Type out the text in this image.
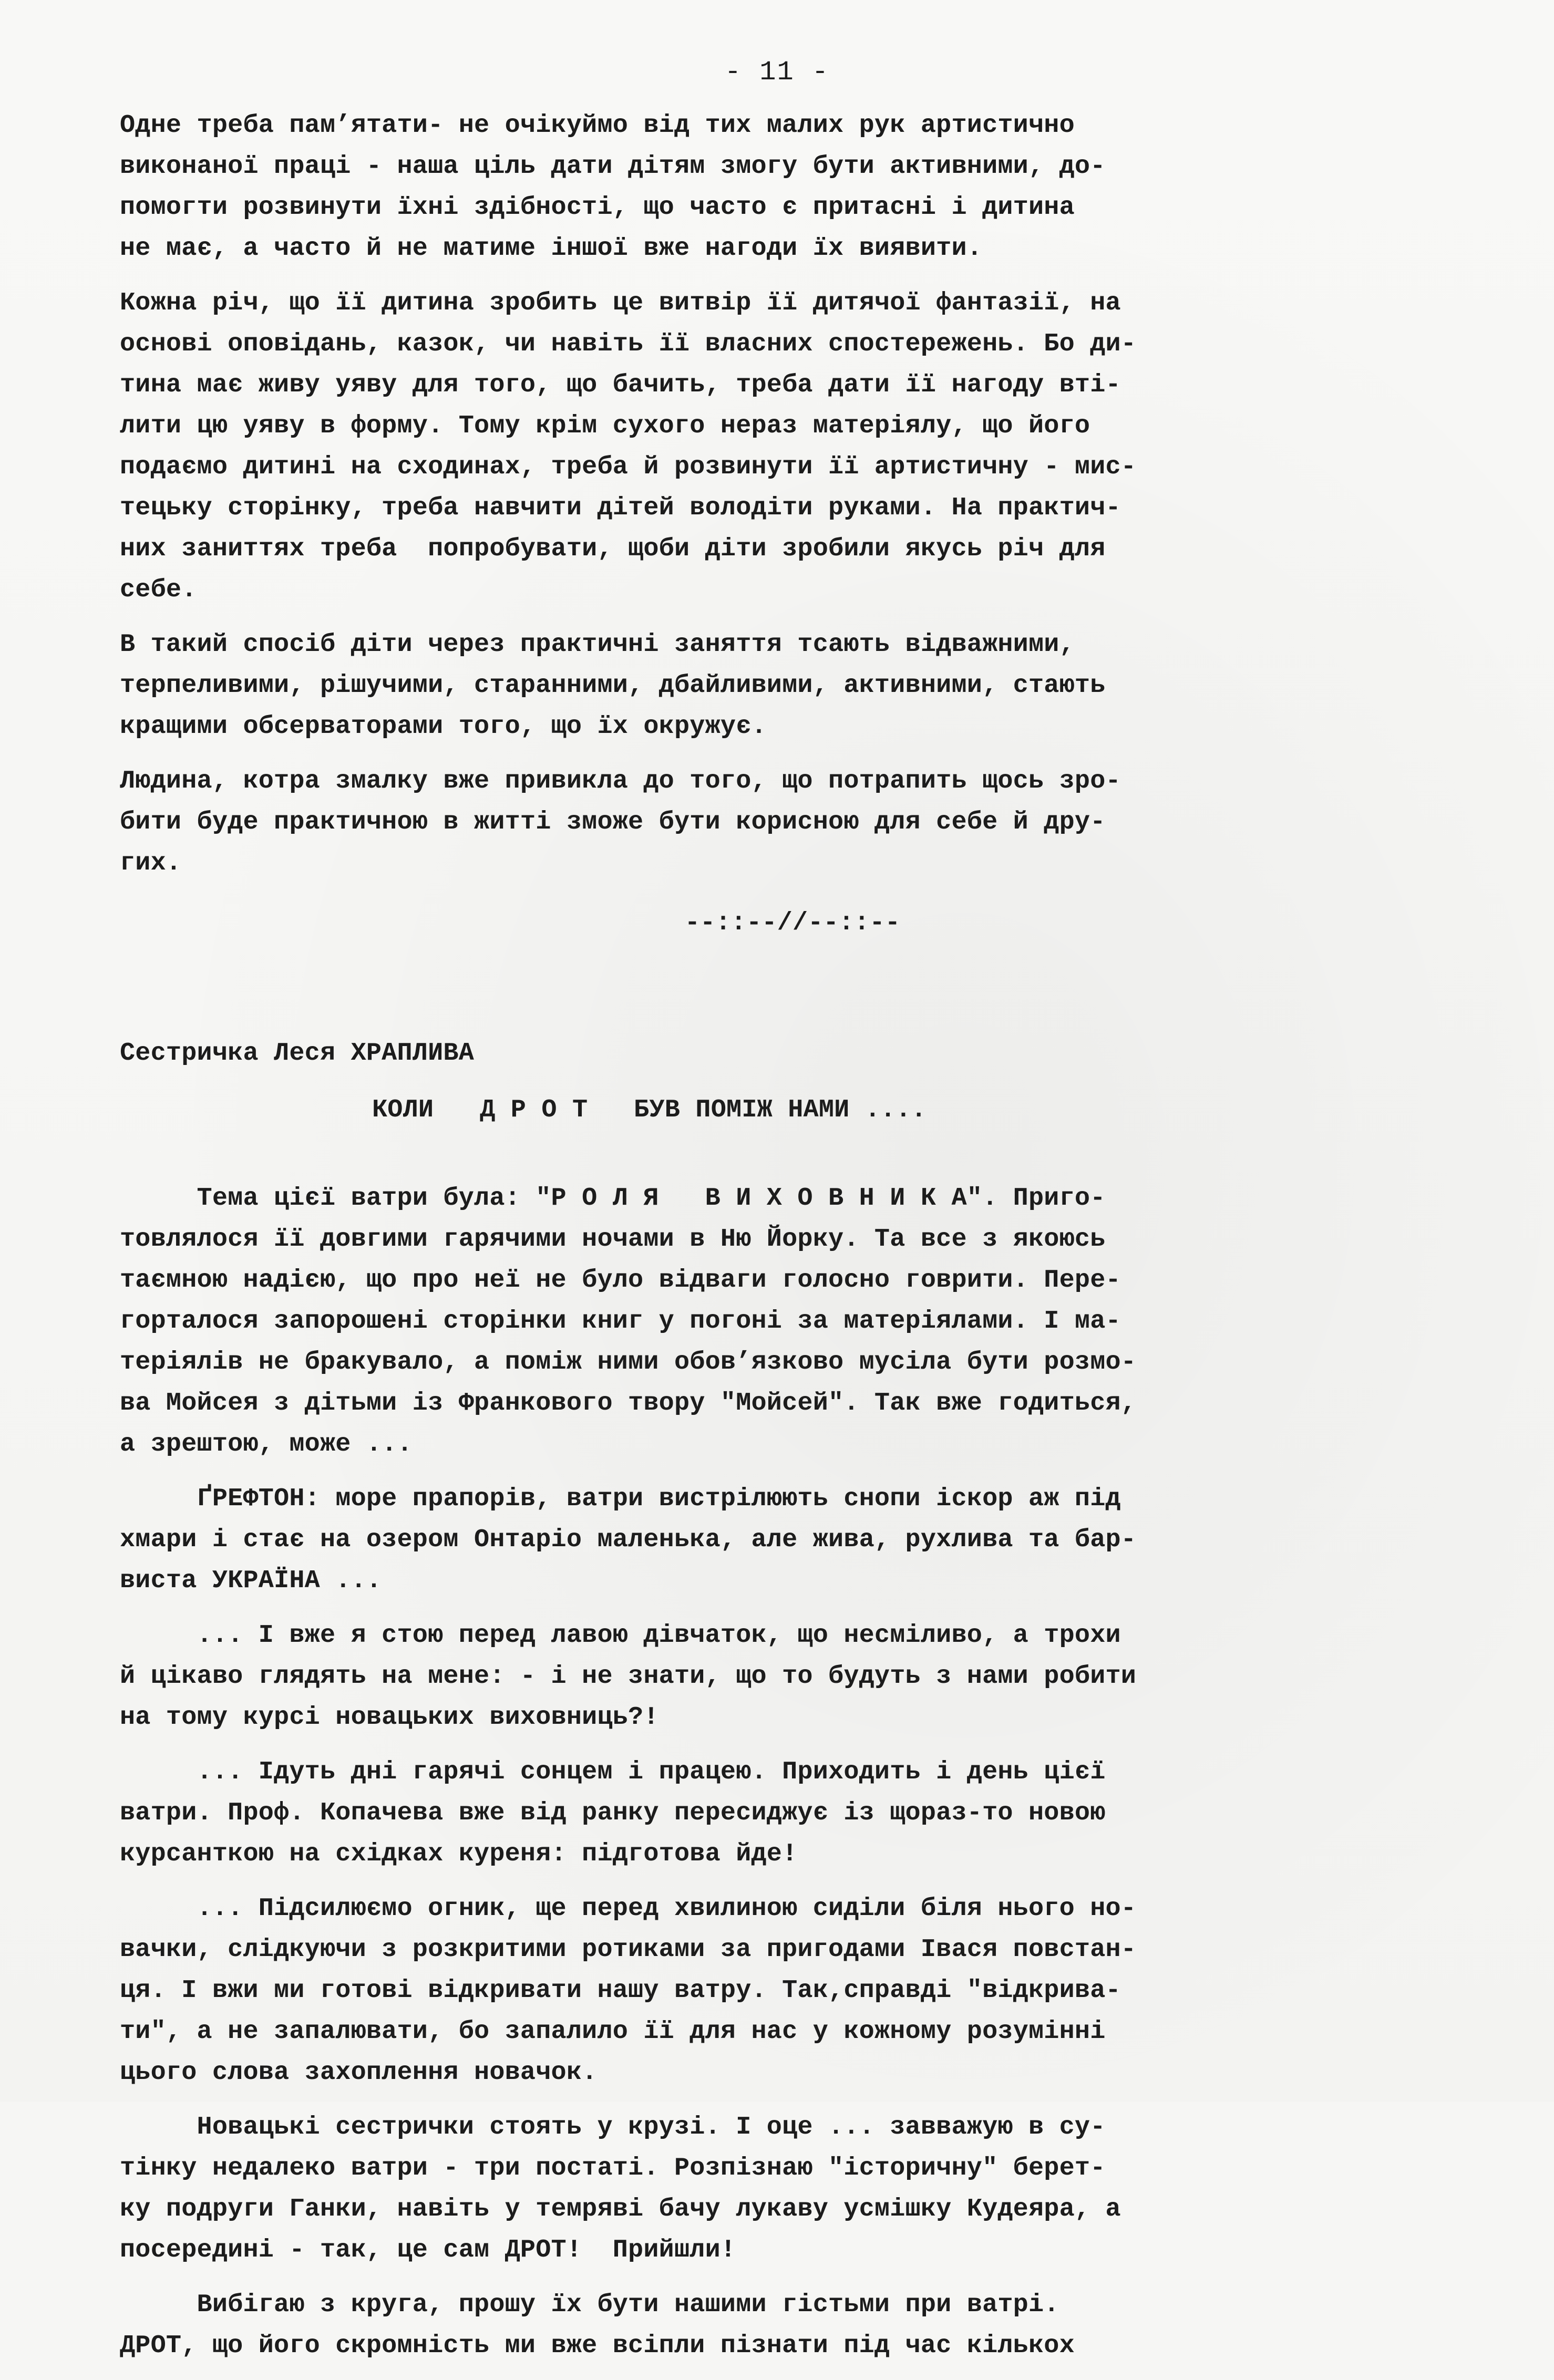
- 11 -
Одне треба пам’ятати- не очікуймо від тих малих рук артистично
виконаної праці - наша ціль дати дітям змогу бути активними, до-
помогти розвинути їхні здібності, що часто є притасні і дитина
не має, а часто й не матиме іншої вже нагоди їх виявити.
Кожна річ, що її дитина зробить це витвір її дитячої фантазії, на
основі оповідань, казок, чи навіть її власних спостережень. Бо ди-
тина має живу уяву для того, що бачить, треба дати її нагоду вті-
лити цю уяву в форму. Тому крім сухого нераз матеріялу, що його
подаємо дитині на сходинах, треба й розвинути її артистичну - мис-
тецьку сторінку, треба навчити дітей володіти руками. На практич-
них заниттях треба  попробувати, щоби діти зробили якусь річ для
себе.
В такий спосіб діти через практичні заняття тсають відважними,
терпеливими, рішучими, старанними, дбайливими, активними, стають
кращими обсерваторами того, що їх окружує.
Людина, котра змалку вже привикла до того, що потрапить щось зро-
бити буде практичною в житті зможе бути корисною для себе й дру-
гих.
--::--//--::--
Сестричка Леся ХРАПЛИВА
КОЛИ   Д Р О Т   БУВ ПОМІЖ НАМИ ....
Тема цієї ватри була: "Р О Л Я   В И Х О В Н И К А". Приго-
товлялося її довгими гарячими ночами в Ню Йорку. Та все з якоюсь
таємною надією, що про неї не було відваги голосно говрити. Пере-
горталося запорошені сторінки книг у погоні за матеріялами. І ма-
теріялів не бракувало, а поміж ними обов’язково мусіла бути розмо-
ва Мойсея з дітьми із Франкового твору "Мойсей". Так вже годиться,
а зрештою, може ...
ҐРЕФТОН: море прапорів, ватри вистрілюють снопи іскор аж під
хмари і стає на озером Онтаріо маленька, але жива, рухлива та бар-
виста УКРАЇНА ...
... І вже я стою перед лавою дівчаток, що несміливо, а трохи
й цікаво глядять на мене: - і не знати, що то будуть з нами робити
на тому курсі новацьких виховниць?!
... Ідуть дні гарячі сонцем і працею. Приходить і день цієї
ватри. Проф. Копачева вже від ранку пересиджує із щораз-то новою
курсанткою на східках куреня: підготова йде!
... Підсилюємо огник, ще перед хвилиною сиділи біля нього но-
вачки, слідкуючи з розкритими ротиками за пригодами Івася повстан-
ця. І вжи ми готові відкривати нашу ватру. Так,справді "відкрива-
ти", а не запалювати, бо запалило її для нас у кожному розумінні
цього слова захоплення новачок.
Новацькі сестрички стоять у крузі. І оце ... завважую в су-
тінку недалеко ватри - три постаті. Розпізнаю "історичну" берет-
ку подруги Ганки, навіть у темряві бачу лукаву усмішку Кудеяра, а
посередині - так, це сам ДРОТ!  Прийшли!
Вибігаю з круга, прошу їх бути нашими гістьми при ватрі.
ДРОТ, що його скромність ми вже всіпли пізнати під час кількох
